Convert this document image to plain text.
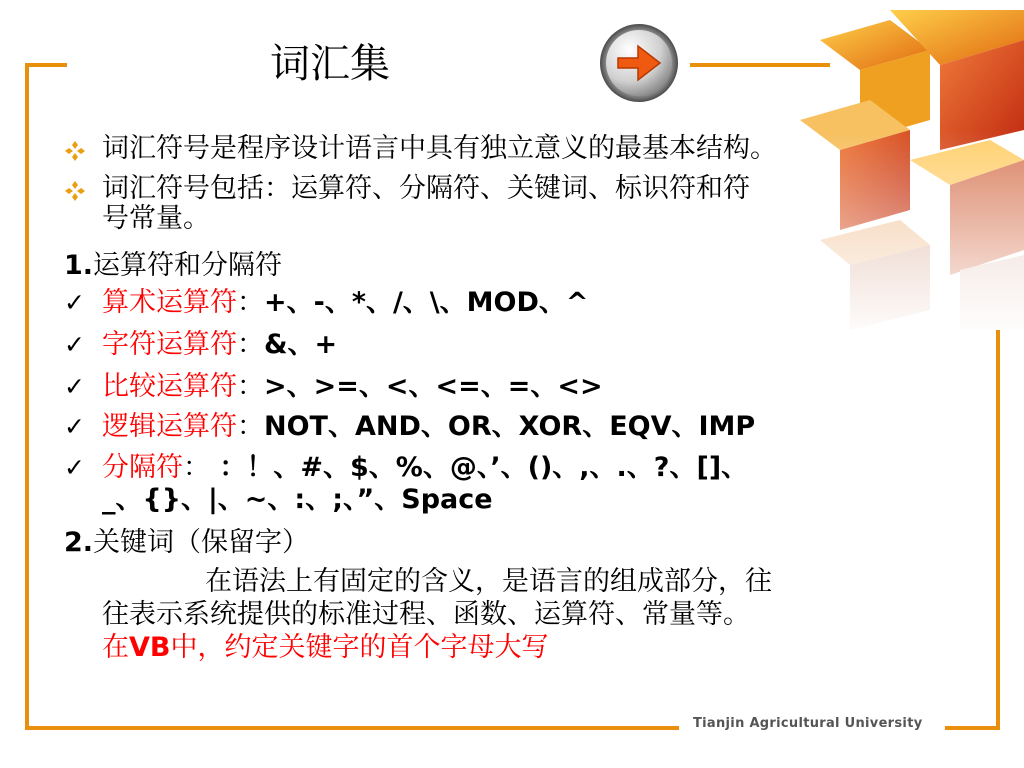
词汇集
词汇符号是程序设计语言中具有独立意义的最基本结构。
词汇符号包括：运算符、分隔符、关键词、标识符和符
号常量。
1.运算符和分隔符
✓ 算术运算符：+、-、*、/、\、MOD、^
✓ 字符运算符：&、+
✓ 比较运算符：>、>=、<、<=、=、<>
✓ 逻辑运算符：NOT、AND、OR、XOR、EQV、IMP
✓ 分隔符： ：！、#、$、%、@、’、()、,、.、?、[]、
_、{}、|、~、:、;、”、Space
2.关键词（保留字）
在语法上有固定的含义，是语言的组成部分，往
往表示系统提供的标准过程、函数、运算符、常量等。
在VB中，约定关键字的首个字母大写
Tianjin Agricultural University
